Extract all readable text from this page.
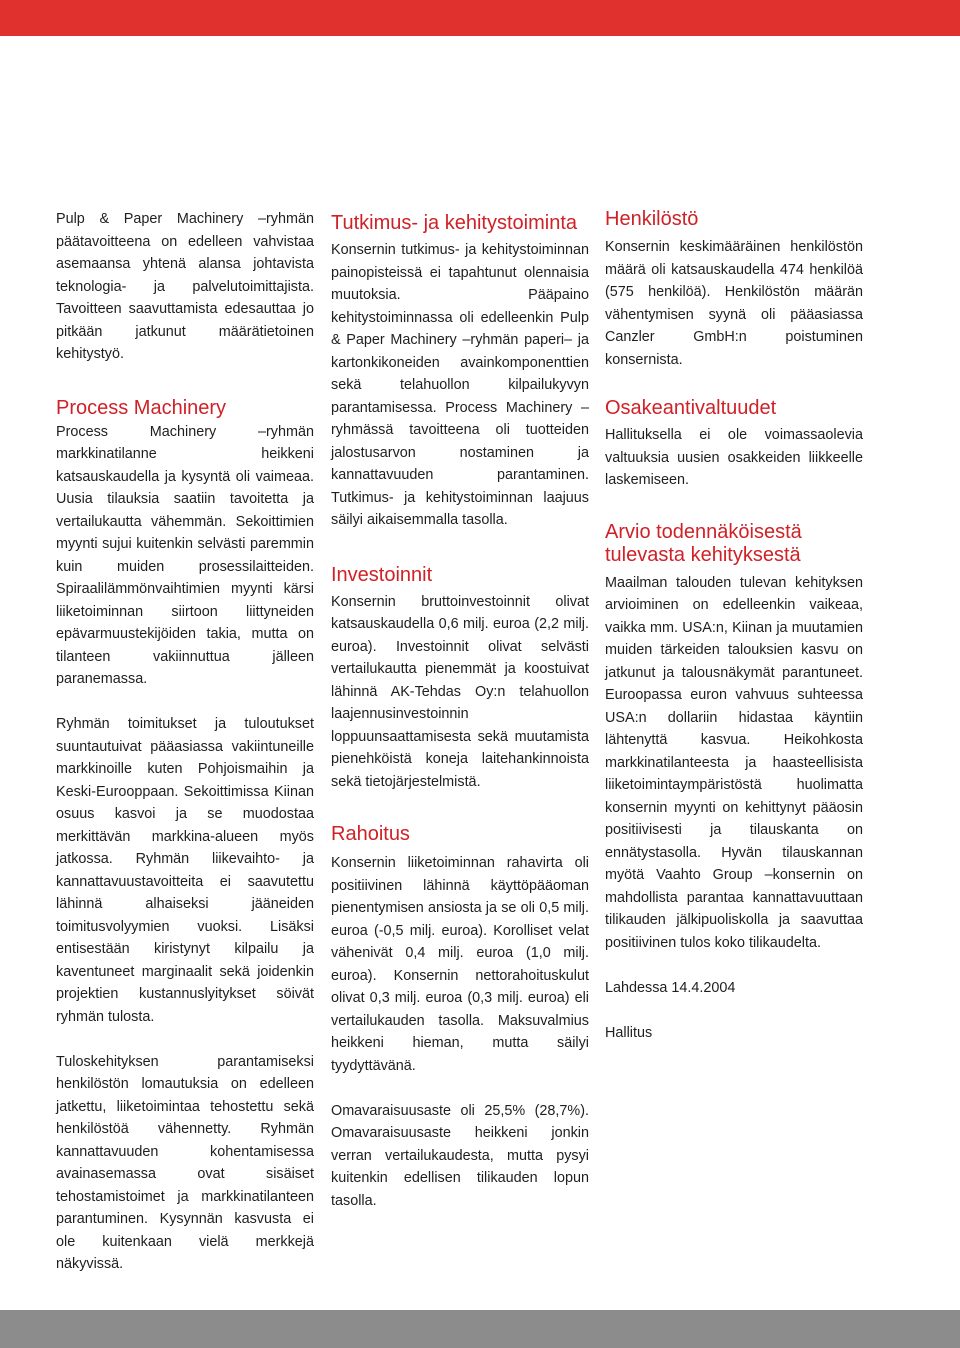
Pulp & Paper Machinery –ryhmän päätavoitteena on edelleen vahvistaa asemaansa yhtenä alansa johtavista teknologia- ja palvelutoimittajista. Tavoitteen saavuttamista edesauttaa jo pitkään jatkunut määrätietoinen kehitystyö.

Process Machinery

Process Machinery –ryhmän markkinatilanne heikkeni katsauskaudella ja kysyntä oli vaimeaa. Uusia tilauksia saatiin tavoitetta ja vertailukautta vähemmän. Sekoittimien myynti sujui kuitenkin selvästi paremmin kuin muiden prosessilaitteiden. Spiraalilämmönvaihtimien myynti kärsi liiketoiminnan siirtoon liittyneiden epävarmuustekijöiden takia, mutta on tilanteen vakiinnuttua jälleen paranemassa.

Ryhmän toimitukset ja tuloutukset suuntautuivat pääasiassa vakiintuneille markkinoille kuten Pohjoismaihin ja Keski-Eurooppaan. Sekoittimissa Kiinan osuus kasvoi ja se muodostaa merkittävän markkina-alueen myös jatkossa. Ryhmän liikevaihto- ja kannattavuustavoitteita ei saavutettu lähinnä alhaiseksi jääneiden toimitusvolyymien vuoksi. Lisäksi entisestään kiristynyt kilpailu ja kaventuneet marginaalit sekä joidenkin projektien kustannuslyitykset söivät ryhmän tulosta.

Tuloskehityksen parantamiseksi henkilöstön lomautuksia on edelleen jatkettu, liiketoimintaa tehostettu sekä henkilöstöä vähennetty. Ryhmän kannattavuuden kohentamisessa avainasemassa ovat sisäiset tehostamistoimet ja markkinatilanteen parantuminen. Kysynnän kasvusta ei ole kuitenkaan vielä merkkejä näkyvissä.

Tutkimus- ja kehitystoiminta

Konsernin tutkimus- ja kehitystoiminnan painopisteissä ei tapahtunut olennaisia muutoksia. Pääpaino kehitystoiminnassa oli edelleenkin Pulp & Paper Machinery –ryhmän paperi– ja kartonkikoneiden avainkomponenttien sekä telahuollon kilpailukyvyn parantamisessa. Process Machinery –ryhmässä tavoitteena oli tuotteiden jalostusarvon nostaminen ja kannattavuuden parantaminen. Tutkimus- ja kehitystoiminnan laajuus säilyi aikaisemmalla tasolla.

Investoinnit

Konsernin bruttoinvestoinnit olivat katsauskaudella 0,6 milj. euroa (2,2 milj. euroa). Investoinnit olivat selvästi vertailukautta pienemmät ja koostuivat lähinnä AK-Tehdas Oy:n telahuollon laajennusinvestoinnin loppuunsaattamisesta sekä muutamista pienehköistä koneja laitehankinnoista sekä tietojärjestelmistä.

Rahoitus

Konsernin liiketoiminnan rahavirta oli positiivinen lähinnä käyttöpääoman pienentymisen ansiosta ja se oli 0,5 milj. euroa (-0,5 milj. euroa). Korolliset velat vähenivät 0,4 milj. euroa (1,0 milj. euroa). Konsernin nettorahoituskulut olivat 0,3 milj. euroa (0,3 milj. euroa) eli vertailukauden tasolla. Maksuvalmius heikkeni hieman, mutta säilyi tyydyttävänä.

Omavaraisuusaste oli 25,5% (28,7%). Omavaraisuusaste heikkeni jonkin verran vertailukaudesta, mutta pysyi kuitenkin edellisen tilikauden lopun tasolla.

Henkilöstö

Konsernin keskimääräinen henkilöstön määrä oli katsauskaudella 474 henkilöä (575 henkilöä). Henkilöstön määrän vähentymisen syynä oli pääasiassa Canzler GmbH:n poistuminen konsernista.

Osakeantivaltuudet

Hallituksella ei ole voimassaolevia valtuuksia uusien osakkeiden liikkeelle laskemiseen.

Arvio todennäköisestä tulevasta kehityksestä

Maailman talouden tulevan kehityksen arvioiminen on edelleenkin vaikeaa, vaikka mm. USA:n, Kiinan ja muutamien muiden tärkeiden talouksien kasvu on jatkunut ja talousnäkymät parantuneet. Euroopassa euron vahvuus suhteessa USA:n dollariin hidastaa käyntiin lähtenyttä kasvua. Heikohkosta markkinatilanteesta ja haasteellisista liiketoimintaympäristöstä huolimatta konsernin myynti on kehittynyt pääosin positiivisesti ja tilauskanta on ennätystasolla. Hyvän tilauskannan myötä Vaahto Group –konsernin on mahdollista parantaa kannattavuuttaan tilikauden jälkipuoliskolla ja saavuttaa positiivinen tulos koko tilikaudelta.

Lahdessa 14.4.2004

Hallitus
